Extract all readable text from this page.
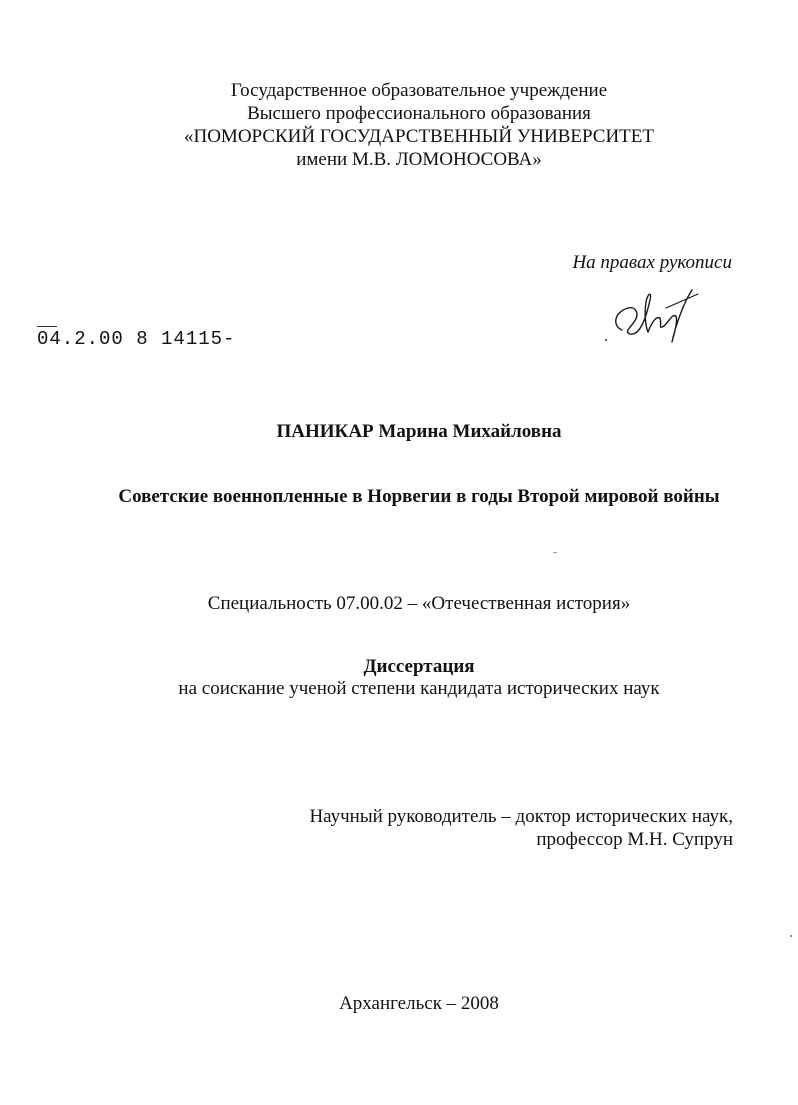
Государственное образовательное учреждение
Высшего профессионального образования
«ПОМОРСКИЙ ГОСУДАРСТВЕННЫЙ УНИВЕРСИТЕТ
имени М.В. ЛОМОНОСОВА»
На правах рукописи
04.2.00 8 14115-
ПАНИКАР Марина Михайловна
Советские военнопленные в Норвегии в годы Второй мировой войны
Специальность 07.00.02 – «Отечественная история»
Диссертация
на соискание ученой степени кандидата исторических наук
Научный руководитель – доктор исторических наук,
профессор М.Н. Супрун
Архангельск – 2008
